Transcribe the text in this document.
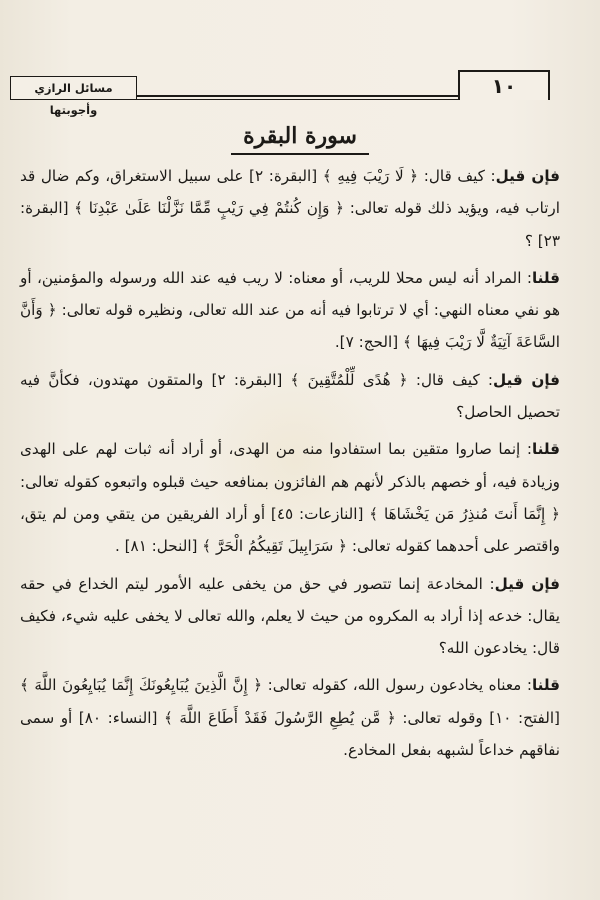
مسائل الرازي وأجوبتها
١٠
سورة البقرة

فإن قيل: كيف قال: ﴿ لَا رَيْبَ فِيهِ ﴾ [البقرة: ٢] على سبيل الاستغراق، وكم ضال قد ارتاب فيه، ويؤيد ذلك قوله تعالى: ﴿ وَإِن كُنتُمْ فِي رَيْبٍ مِّمَّا نَزَّلْنَا عَلَىٰ عَبْدِنَا ﴾ [البقرة: ٢٣] ؟

قلنا: المراد أنه ليس محلا للريب، أو معناه: لا ريب فيه عند الله ورسوله والمؤمنين، أو هو نفي معناه النهي: أي لا ترتابوا فيه أنه من عند الله تعالى، ونظيره قوله تعالى: ﴿ وَأَنَّ السَّاعَةَ آتِيَةٌ لَّا رَيْبَ فِيهَا ﴾ [الحج: ٧].

فإن قيل: كيف قال: ﴿ هُدًى لِّلْمُتَّقِينَ ﴾ [البقرة: ٢] والمتقون مهتدون، فكأنَّ فيه تحصيل الحاصل؟

قلنا: إنما صاروا متقين بما استفادوا منه من الهدى، أو أراد أنه ثبات لهم على الهدى وزيادة فيه، أو خصهم بالذكر لأنهم هم الفائزون بمنافعه حيث قبلوه واتبعوه كقوله تعالى: ﴿ إِنَّمَا أَنتَ مُنذِرُ مَن يَخْشَاهَا ﴾ [النازعات: ٤٥] أو أراد الفريقين من يتقي ومن لم يتق، واقتصر على أحدهما كقوله تعالى: ﴿ سَرَابِيلَ تَقِيكُمُ الْحَرَّ ﴾ [النحل: ٨١] .

فإن قيل: المخادعة إنما تتصور في حق من يخفى عليه الأمور ليتم الخداع في حقه يقال: خدعه إذا أراد به المكروه من حيث لا يعلم، والله تعالى لا يخفى عليه شيء، فكيف قال: يخادعون الله؟

قلنا: معناه يخادعون رسول الله، كقوله تعالى: ﴿ إِنَّ الَّذِينَ يُبَايِعُونَكَ إِنَّمَا يُبَايِعُونَ اللَّهَ ﴾ [الفتح: ١٠] وقوله تعالى: ﴿ مَّن يُطِعِ الرَّسُولَ فَقَدْ أَطَاعَ اللَّهَ ﴾ [النساء: ٨٠] أو سمى نفاقهم خداعاً لشبهه بفعل المخادع.
